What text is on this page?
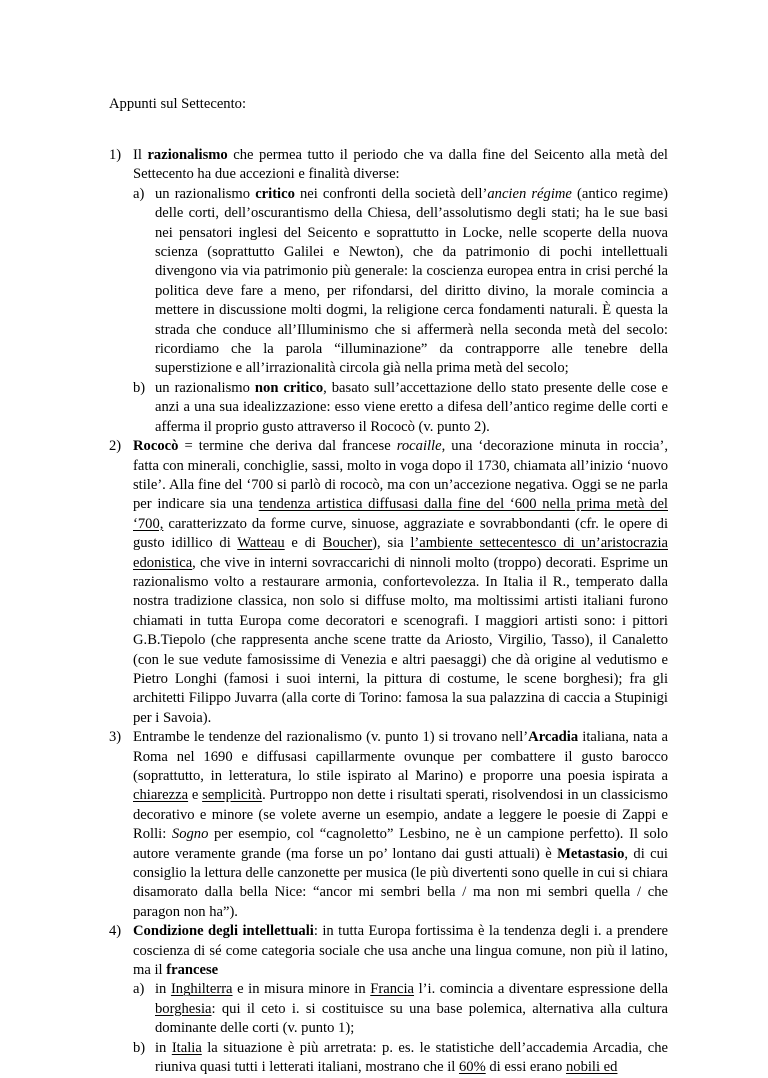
Appunti sul Settecento:

1) Il razionalismo che permea tutto il periodo che va dalla fine del Seicento alla metà del Settecento ha due accezioni e finalità diverse:

a) un razionalismo critico nei confronti della società dell’ancien régime (antico regime) delle corti, dell’oscurantismo della Chiesa, dell’assolutismo degli stati; ha le sue basi nei pensatori inglesi del Seicento e soprattutto in Locke, nelle scoperte della nuova scienza (soprattutto Galilei e Newton), che da patrimonio di pochi intellettuali divengono via via patrimonio più generale: la coscienza europea entra in crisi perché la politica deve fare a meno, per rifondarsi, del diritto divino, la morale comincia a mettere in discussione molti dogmi, la religione cerca fondamenti naturali. È questa la strada che conduce all’Illuminismo che si affermerà nella seconda metà del secolo: ricordiamo che la parola “illuminazione” da contrapporre alle tenebre della superstizione e all’irrazionalità circola già nella prima metà del secolo;

b) un razionalismo non critico, basato sull’accettazione dello stato presente delle cose e anzi a una sua idealizzazione: esso viene eretto a difesa dell’antico regime delle corti e afferma il proprio gusto attraverso il Rococò (v. punto 2).

2) Rococò = termine che deriva dal francese rocaille, una ‘decorazione minuta in roccia’, fatta con minerali, conchiglie, sassi, molto in voga dopo il 1730, chiamata all’inizio ‘nuovo stile’. Alla fine del ‘700 si parlò di rococò, ma con un’accezione negativa. Oggi se ne parla per indicare sia una tendenza artistica diffusasi dalla fine del ‘600 nella prima metà del ‘700, caratterizzato da forme curve, sinuose, aggraziate e sovrabbondanti (cfr. le opere di gusto idillico di Watteau e di Boucher), sia l’ambiente settecentesco di un’aristocrazia edonistica, che vive in interni sovraccarichi di ninnoli molto (troppo) decorati. Esprime un razionalismo volto a restaurare armonia, confortevolezza. In Italia il R., temperato dalla nostra tradizione classica, non solo si diffuse molto, ma moltissimi artisti italiani furono chiamati in tutta Europa come decoratori e scenografi. I maggiori artisti sono: i pittori G.B.Tiepolo (che rappresenta anche scene tratte da Ariosto, Virgilio, Tasso), il Canaletto (con le sue vedute famosissime di Venezia e altri paesaggi) che dà origine al vedutismo e Pietro Longhi (famosi i suoi interni, la pittura di costume, le scene borghesi); fra gli architetti Filippo Juvarra (alla corte di Torino: famosa la sua palazzina di caccia a Stupinigi per i Savoia).

3) Entrambe le tendenze del razionalismo (v. punto 1) si trovano nell’Arcadia italiana, nata a Roma nel 1690 e diffusasi capillarmente ovunque per combattere il gusto barocco (soprattutto, in letteratura, lo stile ispirato al Marino) e proporre una poesia ispirata a chiarezza e semplicità. Purtroppo non dette i risultati sperati, risolvendosi in un classicismo decorativo e minore (se volete averne un esempio, andate a leggere le poesie di Zappi e Rolli: Sogno per esempio, col “cagnoletto” Lesbino, ne è un campione perfetto). Il solo autore veramente grande (ma forse un po’ lontano dai gusti attuali) è Metastasio, di cui consiglio la lettura delle canzonette per musica (le più divertenti sono quelle in cui si chiara disamorato dalla bella Nice: “ancor mi sembri bella / ma non mi sembri quella / che paragon non ha”).

4) Condizione degli intellettuali: in tutta Europa fortissima è la tendenza degli i. a prendere coscienza di sé come categoria sociale che usa anche una lingua comune, non più il latino, ma il francese

a) in Inghilterra e in misura minore in Francia l’i. comincia a diventare espressione della borghesia: qui il ceto i. si costituisce su una base polemica, alternativa alla cultura dominante delle corti (v. punto 1);

b) in Italia la situazione è più arretrata: p. es. le statistiche dell’accademia Arcadia, che riuniva quasi tutti i letterati italiani, mostrano che il 60% di essi erano nobili ed
